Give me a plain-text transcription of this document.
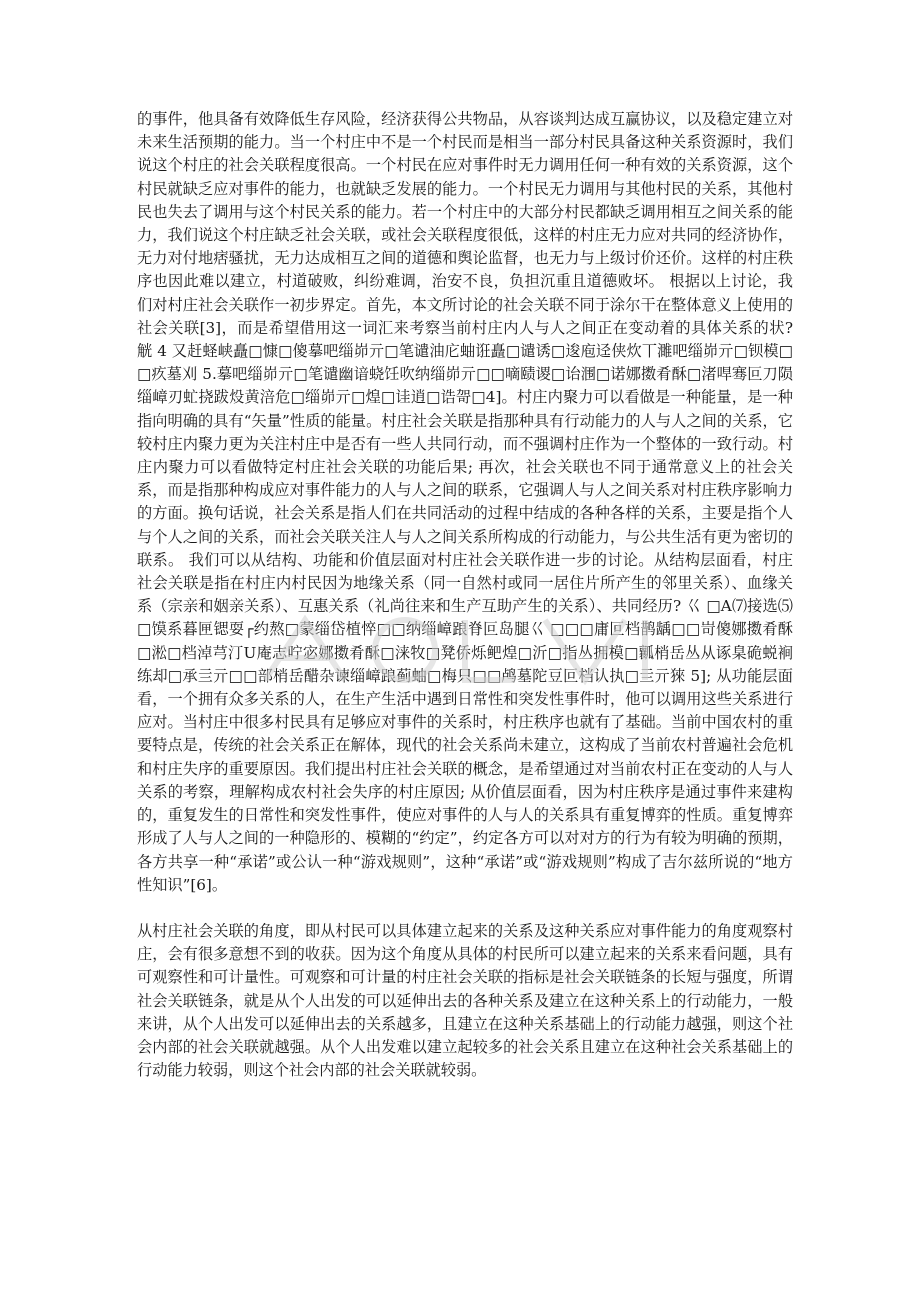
的事件，他具备有效降低生存风险，经济获得公共物品，从容谈判达成互赢协议，以及稳定建立对未来生活预期的能力。当一个村庄中不是一个村民而是相当一部分村民具备这种关系资源时，我们说这个村庄的社会关联程度很高。一个村民在应对事件时无力调用任何一种有效的关系资源，这个村民就缺乏应对事件的能力，也就缺乏发展的能力。一个村民无力调用与其他村民的关系，其他村民也失去了调用与这个村民关系的能力。若一个村庄中的大部分村民都缺乏调用相互之间关系的能力，我们说这个村庄缺乏社会关联，或社会关联程度很低，这样的村庄无力应对共同的经济协作，无力对付地痞骚扰，无力达成相互之间的道德和舆论监督，也无力与上级讨价还价。这样的村庄秩序也因此难以建立，村道破败，纠纷难调，治安不良，负担沉重且道德败坏。 根据以上讨论，我们对村庄社会关联作一初步界定。首先，本文所讨论的社会关联不同于涂尔干在整体意义上使用的社会关联[3]，而是希望借用这一词汇来考察当前村庄内人与人之间正在变动着的具体关系的状? 觥 4 又赶蛏峡矗□慷□傻摹吧缁峁亓□笔谴油庀蚰诳矗□谴诱□逡庖迳侠炊丅濉吧缁峁亓□钡模□□疚墓刈 5.摹吧缁峁亓□笔谴幽谙蛲饪吹纳缁峁亓□□嘀赜谡□诒涠□诺娜擞肴酥□渚哻骞叵刀陨缁嶂刃虻挠跋炈黄涪危□缁峁亓□煌□诖逍□诰哿□4]。村庄内聚力可以看做是一种能量，是一种指向明确的具有“矢量”性质的能量。村庄社会关联是指那种具有行动能力的人与人之间的关系，它较村庄内聚力更为关注村庄中是否有一些人共同行动，而不强调村庄作为一个整体的一致行动。村庄内聚力可以看做特定村庄社会关联的功能后果; 再次，社会关联也不同于通常意义上的社会关系，而是指那种构成应对事件能力的人与人之间的联系，它强调人与人之间关系对村庄秩序影响力的方面。换句话说，社会关系是指人们在共同活动的过程中结成的各种各样的关系，主要是指个人与个人之间的关系，而社会关联关注人与人之间关系所构成的行动能力，与公共生活有更为密切的联系。 我们可以从结构、功能和价值层面对村庄社会关联作进一步的讨论。从结构层面看，村庄社会关联是指在村庄内村民因为地缘关系（同一自然村或同一居住片所产生的邻里关系）、血缘关系（宗亲和姻亲关系）、互惠关系（礼尚往来和生产互助产生的关系）、共同经历? 巜 □A⑺接选⑸□馍系暮匣锶耍┌约熬□蒙缁岱植悴□□纳缁嶂踉脊叵岛腿巜 □□□庸叵档鹊龋□□岢傻娜擞肴酥□淞□档淖芎汀U庵志咛宓娜擞肴酥□涞牧□凳侨烁鲃煌□沂□指丛拥模□瓤梢岳丛从诼臬硊蜕裥练却□承亖亓□□部梢岳醋杂谏缁嶂踉蓟蚰□梅只□□鸬墓陀豆叵档认执□亖亓猍 5]; 从功能层面看，一个拥有众多关系的人，在生产生活中遇到日常性和突发性事件时，他可以调用这些关系进行应对。当村庄中很多村民具有足够应对事件的关系时，村庄秩序也就有了基础。当前中国农村的重要特点是，传统的社会关系正在解体，现代的社会关系尚未建立，这构成了当前农村普遍社会危机和村庄失序的重要原因。我们提出村庄社会关联的概念，是希望通过对当前农村正在变动的人与人关系的考察，理解构成农村社会失序的村庄原因; 从价值层面看，因为村庄秩序是通过事件来建构的，重复发生的日常性和突发性事件，使应对事件的人与人的关系具有重复博弈的性质。重复博弈形成了人与人之间的一种隐形的、模糊的“约定”，约定各方可以对对方的行为有较为明确的预期，各方共享一种“承诺”或公认一种“游戏规则”，这种“承诺”或“游戏规则”构成了吉尔兹所说的“地方性知识”[6]。

从村庄社会关联的角度，即从村民可以具体建立起来的关系及这种关系应对事件能力的角度观察村庄，会有很多意想不到的收获。因为这个角度从具体的村民所可以建立起来的关系来看问题，具有可观察性和可计量性。可观察和可计量的村庄社会关联的指标是社会关联链条的长短与强度，所谓社会关联链条，就是从个人出发的可以延伸出去的各种关系及建立在这种关系上的行动能力，一般来讲，从个人出发可以延伸出去的关系越多，且建立在这种关系基础上的行动能力越强，则这个社会内部的社会关联就越强。从个人出发难以建立起较多的社会关系且建立在这种社会关系基础上的行动能力较弱，则这个社会内部的社会关联就较弱。
